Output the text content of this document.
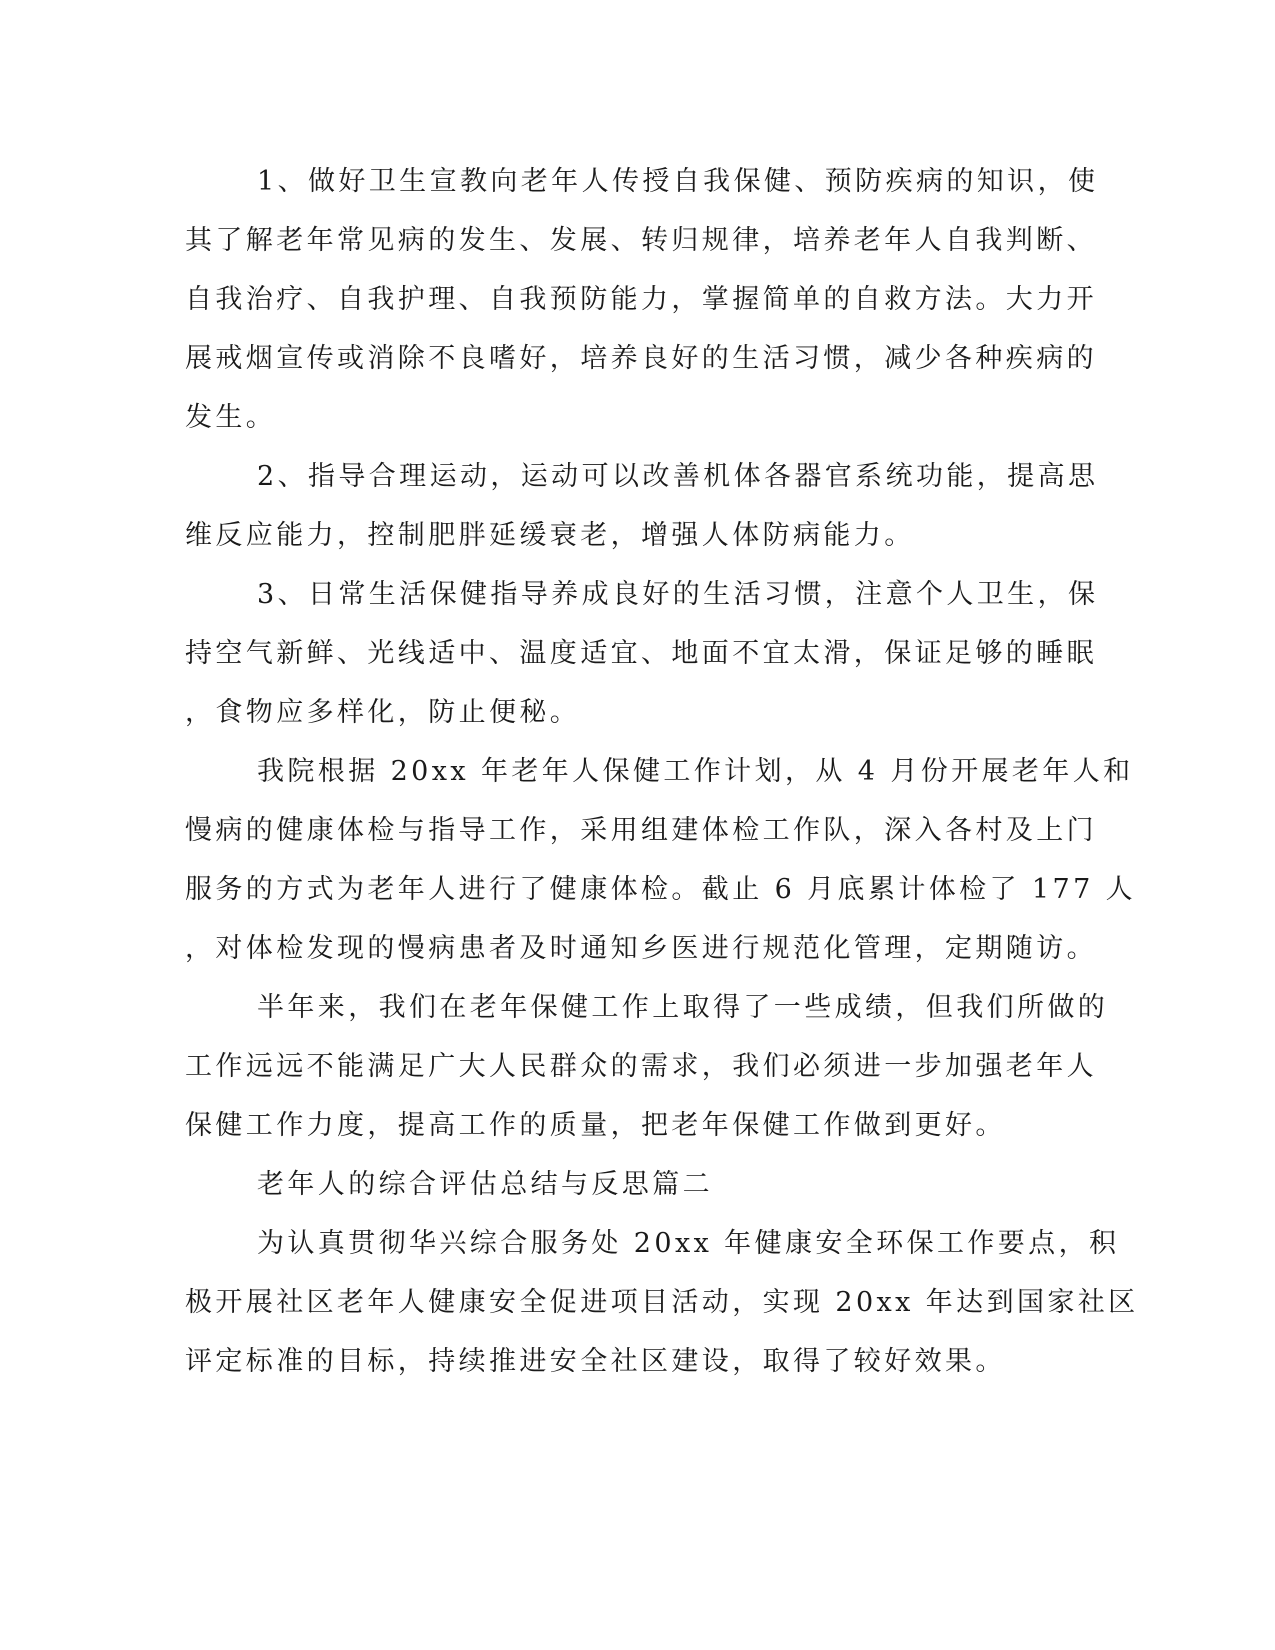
1、做好卫生宣教向老年人传授自我保健、预防疾病的知识，使
其了解老年常见病的发生、发展、转归规律，培养老年人自我判断、
自我治疗、自我护理、自我预防能力，掌握简单的自救方法。大力开
展戒烟宣传或消除不良嗜好，培养良好的生活习惯，减少各种疾病的
发生。
2、指导合理运动，运动可以改善机体各器官系统功能，提高思
维反应能力，控制肥胖延缓衰老，增强人体防病能力。
3、日常生活保健指导养成良好的生活习惯，注意个人卫生，保
持空气新鲜、光线适中、温度适宜、地面不宜太滑，保证足够的睡眠
，食物应多样化，防止便秘。
我院根据 20xx 年老年人保健工作计划，从 4 月份开展老年人和
慢病的健康体检与指导工作，采用组建体检工作队，深入各村及上门
服务的方式为老年人进行了健康体检。截止 6 月底累计体检了 177 人
，对体检发现的慢病患者及时通知乡医进行规范化管理，定期随访。
半年来，我们在老年保健工作上取得了一些成绩，但我们所做的
工作远远不能满足广大人民群众的需求，我们必须进一步加强老年人
保健工作力度，提高工作的质量，把老年保健工作做到更好。
老年人的综合评估总结与反思篇二
为认真贯彻华兴综合服务处 20xx 年健康安全环保工作要点，积
极开展社区老年人健康安全促进项目活动，实现 20xx 年达到国家社区
评定标准的目标，持续推进安全社区建设，取得了较好效果。
